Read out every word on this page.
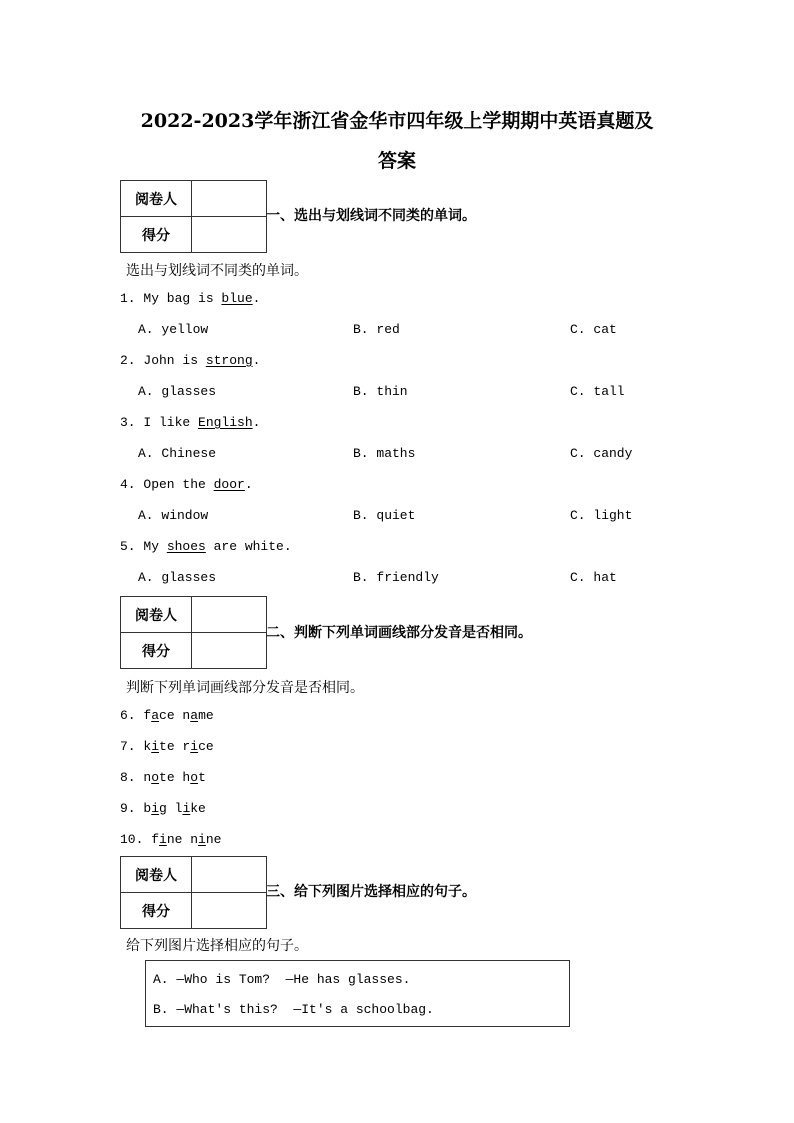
2022-2023学年浙江省金华市四年级上学期期中英语真题及
答案
阅卷人
得分
一、选出与划线词不同类的单词。
选出与划线词不同类的单词。
1. My bag is blue.
A. yellow	B. red	C. cat
2. John is strong.
A. glasses	B. thin	C. tall
3. I like English.
A. Chinese	B. maths	C. candy
4. Open the door.
A. window	B. quiet	C. light
5. My shoes are white.
A. glasses	B. friendly	C. hat
阅卷人
得分
二、判断下列单词画线部分发音是否相同。
判断下列单词画线部分发音是否相同。
6. face name
7. kite rice
8. note hot
9. big like
10. fine nine
阅卷人
得分
三、给下列图片选择相应的句子。
给下列图片选择相应的句子。
A. —Who is Tom?  —He has glasses.
B. —What's this?  —It's a schoolbag.
